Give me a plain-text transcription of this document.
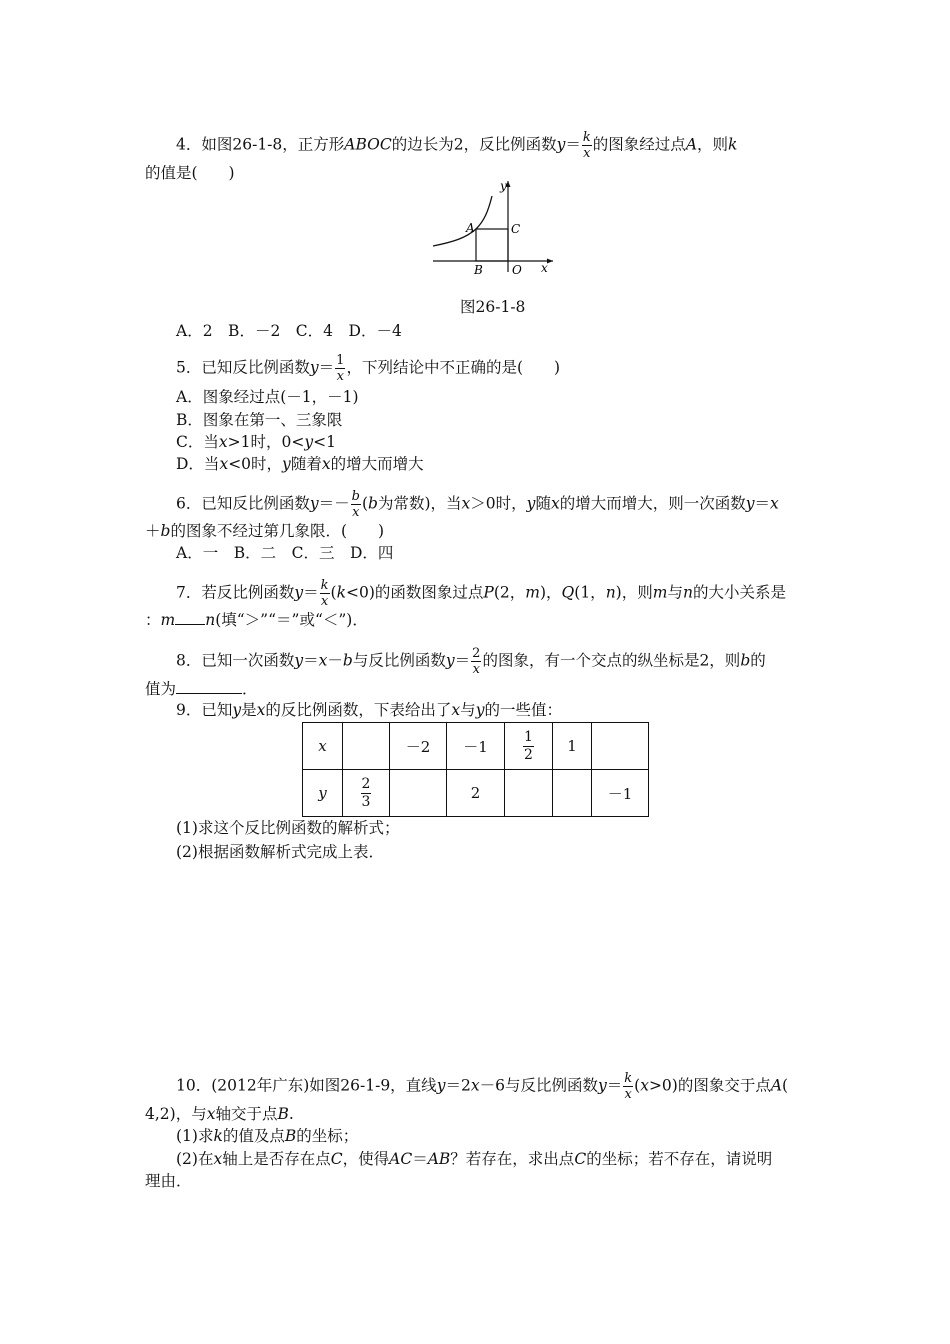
4．如图26-1-8，正方形ABOC的边长为2，反比例函数$y= \frac{k}{x}$ 的图象经过点A，则k
的值是(　　)
y
x
A
B
C
O
图26-1-8
A．2　B．－2　C．4　D．－4
5．已知反比例函数$y= \frac{1}{x}$ ，下列结论中不正确的是(　　)
A．图象经过点(－1，－1)
B．图象在第一、三象限
C．当x>1时，0<y<1
D．当x<0时，y随着x的增大而增大
6．已知反比例函数$y=- \frac{b}{x} (b$为常数)，当x＞0时，y随x的增大而增大，则一次函数y＝x
＋b的图象不经过第几象限．(　　)
A．一　B．二　C．三　D．四
7．若反比例函数$y= \frac{k}{x} (k<0)$的函数图象过点P(2，m)，Q(1，n)，则m与n的大小关系是
：m n(填“＞”“＝”或“＜”)．
8．已知一次函数y＝x－b与反比例函数$y= \frac{2}{x}$ 的图象，有一个交点的纵坐标是2，则b的
值为	．
9．已知y是x的反比例函数，下表给出了x与y的一些值：
x		－2	－1	$\frac{1}{2}$	1	
y	$\frac{2}{3}$		2			－1
(1)求这个反比例函数的解析式；
(2)根据函数解析式完成上表．
10．(2012年广东)如图26-1-9，直线y＝2x－6与反比例函数$y= \frac{k}{x} (x>0)$的图象交于点A(
4,2)，与x轴交于点B.
(1)求k的值及点B的坐标；
(2)在x轴上是否存在点C，使得AC＝AB？若存在，求出点C的坐标；若不存在，请说明
理由．
